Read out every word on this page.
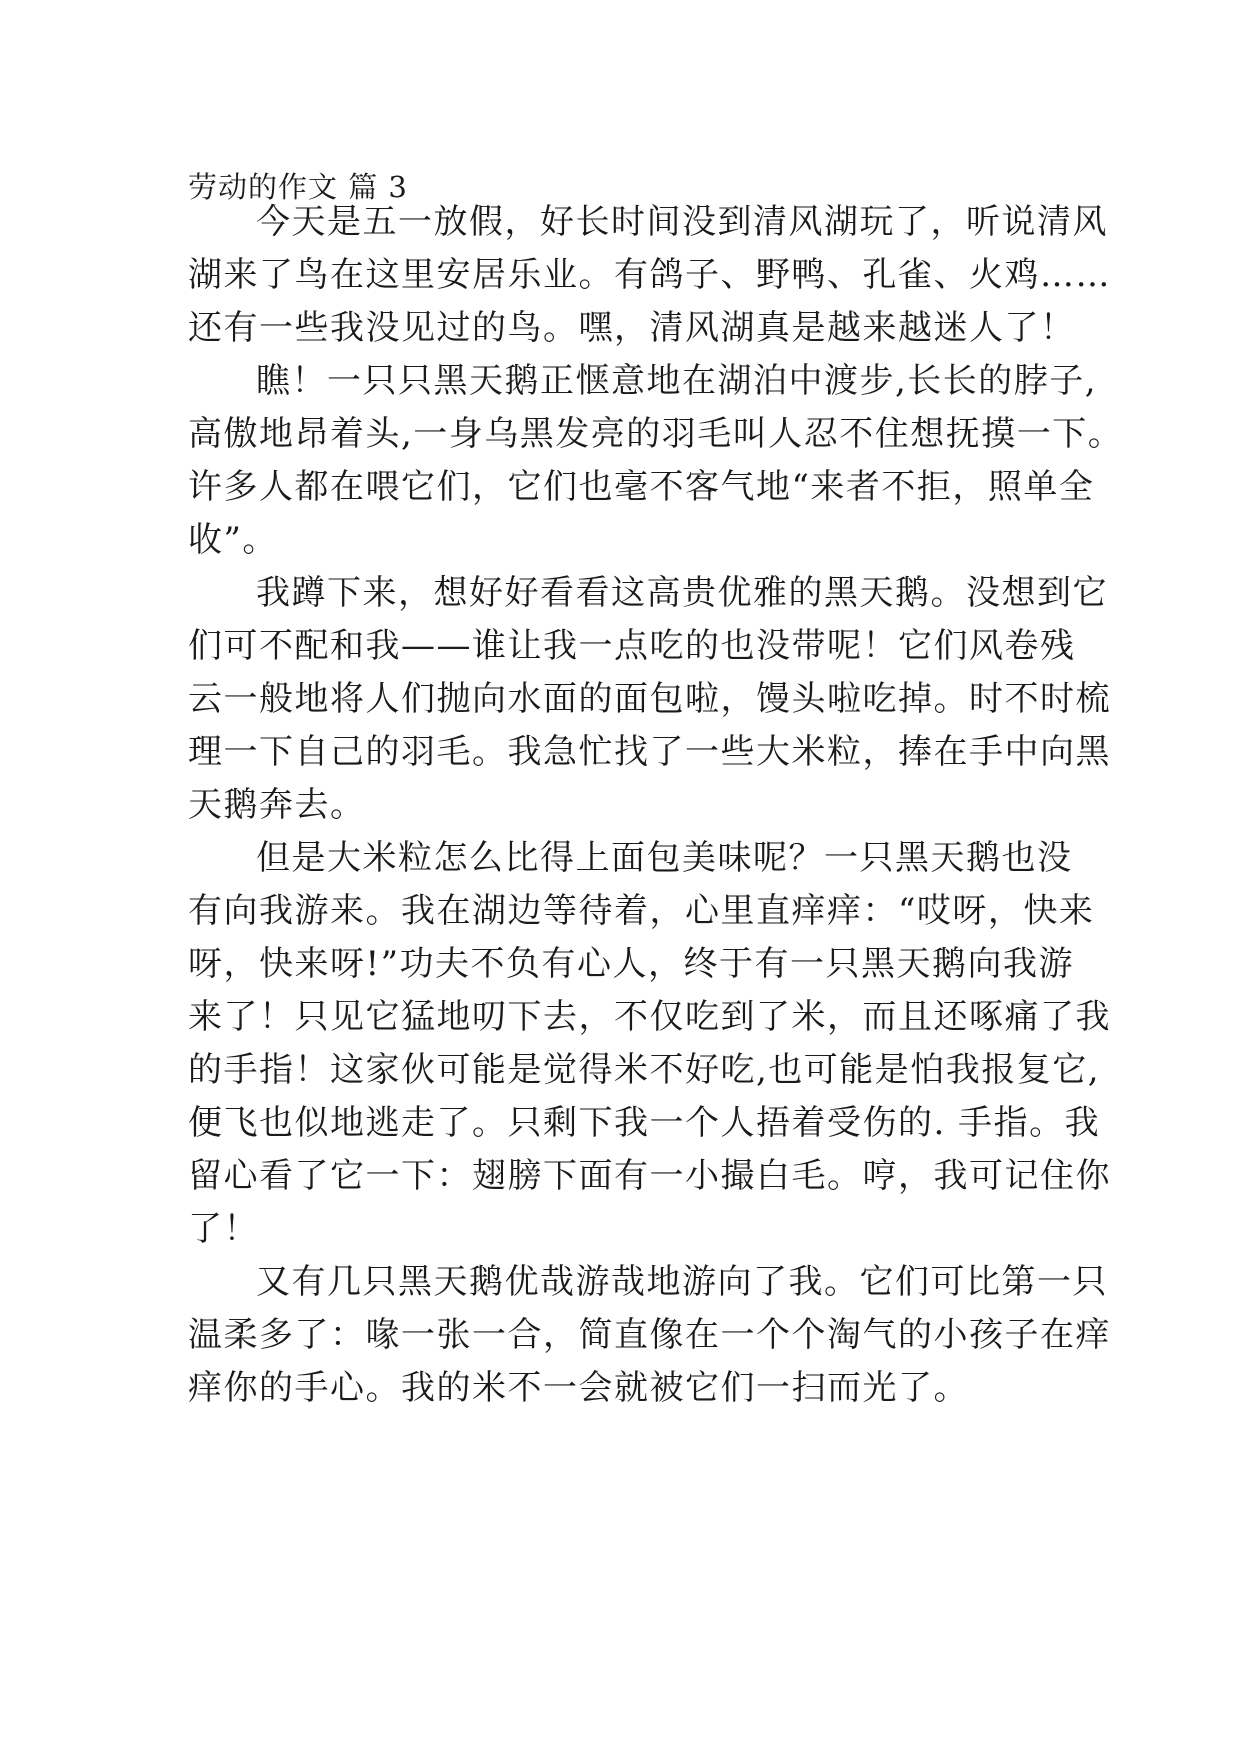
劳动的作文 篇 3
今天是五一放假，好长时间没到清风湖玩了，听说清风
湖来了鸟在这里安居乐业。有鸽子、野鸭、孔雀、火鸡……
还有一些我没见过的鸟。嘿，清风湖真是越来越迷人了！
瞧！一只只黑天鹅正惬意地在湖泊中渡步,长长的脖子,
高傲地昂着头,一身乌黑发亮的羽毛叫人忍不住想抚摸一下。
许多人都在喂它们，它们也毫不客气地“来者不拒，照单全
收”。
我蹲下来，想好好看看这高贵优雅的黑天鹅。没想到它
们可不配和我——谁让我一点吃的也没带呢！它们风卷残
云一般地将人们抛向水面的面包啦，馒头啦吃掉。时不时梳
理一下自己的羽毛。我急忙找了一些大米粒，捧在手中向黑
天鹅奔去。
但是大米粒怎么比得上面包美味呢？一只黑天鹅也没
有向我游来。我在湖边等待着，心里直痒痒：“哎呀，快来
呀，快来呀!”功夫不负有心人，终于有一只黑天鹅向我游
来了！只见它猛地叨下去，不仅吃到了米，而且还啄痛了我
的手指！这家伙可能是觉得米不好吃,也可能是怕我报复它,
便飞也似地逃走了。只剩下我一个人捂着受伤的. 手指。我
留心看了它一下：翅膀下面有一小撮白毛。哼，我可记住你
了！
又有几只黑天鹅优哉游哉地游向了我。它们可比第一只
温柔多了：喙一张一合，简直像在一个个淘气的小孩子在痒
痒你的手心。我的米不一会就被它们一扫而光了。
